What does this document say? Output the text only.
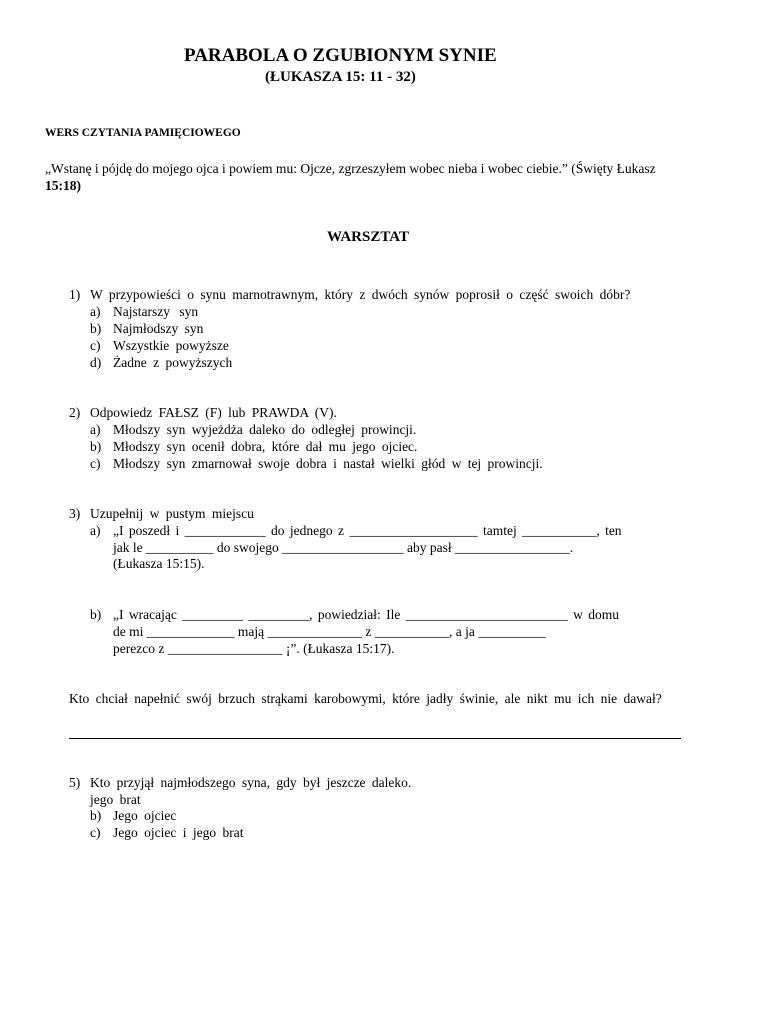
PARABOLA O ZGUBIONYM SYNIE
(ŁUKASZA 15: 11 - 32)
WERS CZYTANIA PAMIĘCIOWEGO
„Wstanę i pójdę do mojego ojca i powiem mu: Ojcze, zgrzeszyłem wobec nieba i wobec ciebie.” (Święty Łukasz
15:18)
WARSZTAT
1) W przypowieści o synu marnotrawnym, który z dwóch synów poprosił o część swoich dóbr?
a) Najstarszy syn
b) Najmłodszy syn
c) Wszystkie powyższe
d) Żadne z powyższych
2) Odpowiedz FAŁSZ (F) lub PRAWDA (V).
a) Młodszy syn wyjeżdża daleko do odległej prowincji.
b) Młodszy syn ocenił dobra, które dał mu jego ojciec.
c) Młodszy syn zmarnował swoje dobra i nastał wielki głód w tej prowincji.
3) Uzupełnij w pustym miejscu
a) „I poszedł i ____________ do jednego z ___________________ tamtej ___________, ten
jak le __________ do swojego __________________ aby pasł _________________.
(Łukasza 15:15).
b) „I wracając _________ _________, powiedział: Ile ________________________ w domu
de mi _____________ mają ______________ z ___________, a ja __________
perezco z _________________ ¡”. (Łukasza 15:17).
Kto chciał napełnić swój brzuch strąkami karobowymi, które jadły świnie, ale nikt mu ich nie dawał?
5) Kto przyjął najmłodszego syna, gdy był jeszcze daleko.
jego brat
b) Jego ojciec
c) Jego ojciec i jego brat
